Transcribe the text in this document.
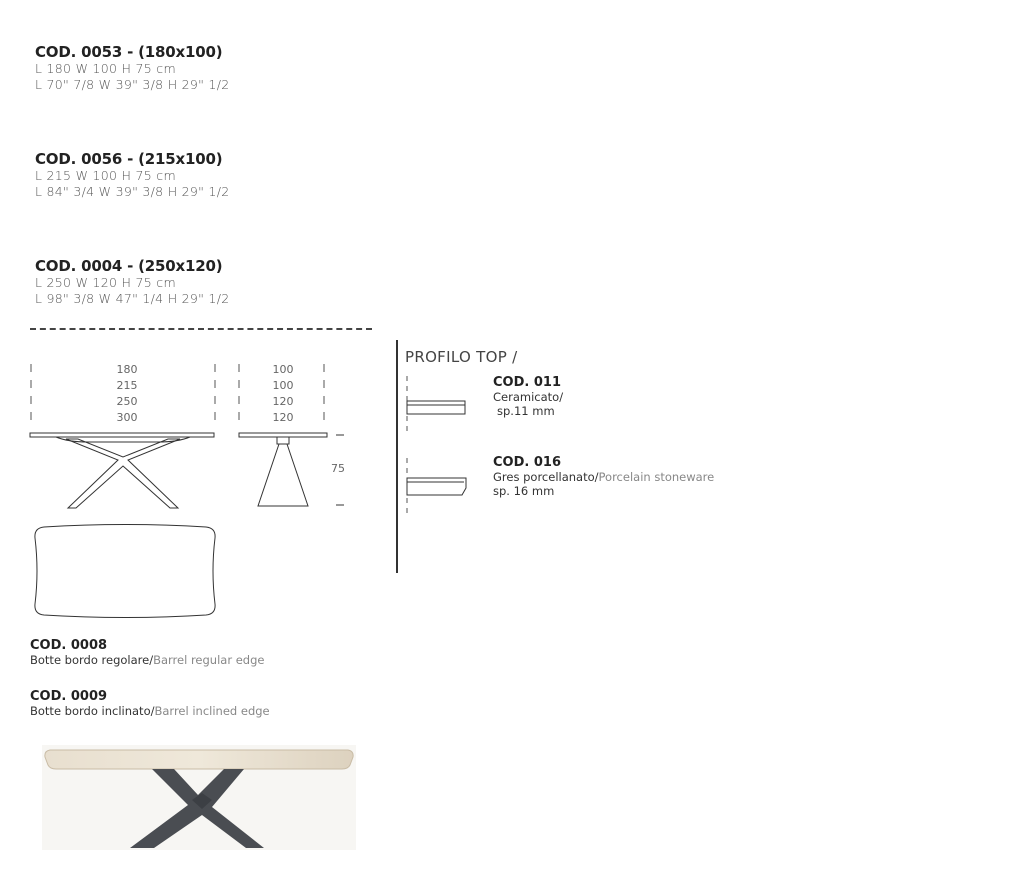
COD. 0053 - (180x100)
L 180 W 100 H 75 cm
L 70" 7/8 W 39" 3/8 H 29" 1/2
COD. 0056 - (215x100)
L 215 W 100 H 75 cm
L 84" 3/4 W 39" 3/8 H 29" 1/2
COD. 0004 - (250x120)
L 250 W 120 H 75 cm
L 98" 3/8 W 47" 1/4 H 29" 1/2
180
215
250
300
100
100
120
120
75
PROFILO TOP /
COD. 011
Ceramicato/
sp.11 mm
COD. 016
Gres porcellanato/Porcelain stoneware
sp. 16 mm
COD. 0008
Botte bordo regolare/Barrel regular edge
COD. 0009
Botte bordo inclinato/Barrel inclined edge
